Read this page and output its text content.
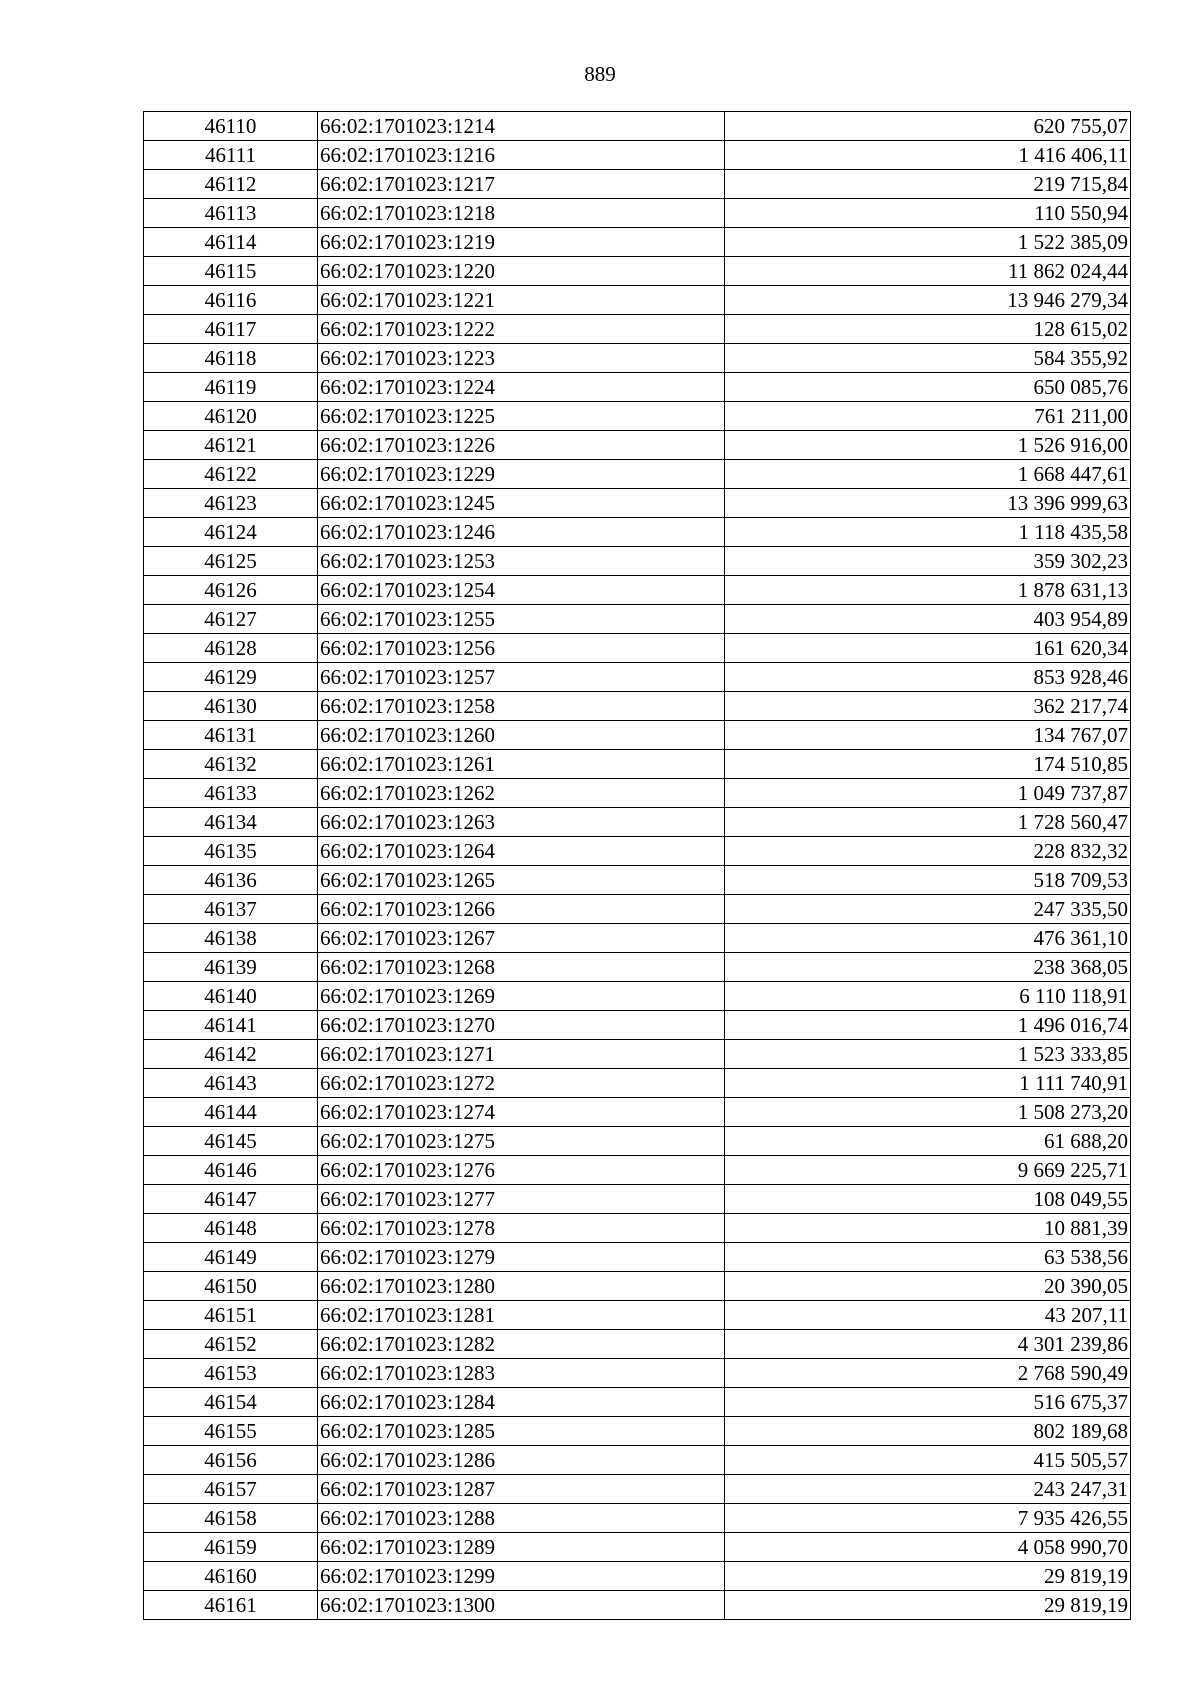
889
46110	66:02:1701023:1214	620 755,07
46111	66:02:1701023:1216	1 416 406,11
46112	66:02:1701023:1217	219 715,84
46113	66:02:1701023:1218	110 550,94
46114	66:02:1701023:1219	1 522 385,09
46115	66:02:1701023:1220	11 862 024,44
46116	66:02:1701023:1221	13 946 279,34
46117	66:02:1701023:1222	128 615,02
46118	66:02:1701023:1223	584 355,92
46119	66:02:1701023:1224	650 085,76
46120	66:02:1701023:1225	761 211,00
46121	66:02:1701023:1226	1 526 916,00
46122	66:02:1701023:1229	1 668 447,61
46123	66:02:1701023:1245	13 396 999,63
46124	66:02:1701023:1246	1 118 435,58
46125	66:02:1701023:1253	359 302,23
46126	66:02:1701023:1254	1 878 631,13
46127	66:02:1701023:1255	403 954,89
46128	66:02:1701023:1256	161 620,34
46129	66:02:1701023:1257	853 928,46
46130	66:02:1701023:1258	362 217,74
46131	66:02:1701023:1260	134 767,07
46132	66:02:1701023:1261	174 510,85
46133	66:02:1701023:1262	1 049 737,87
46134	66:02:1701023:1263	1 728 560,47
46135	66:02:1701023:1264	228 832,32
46136	66:02:1701023:1265	518 709,53
46137	66:02:1701023:1266	247 335,50
46138	66:02:1701023:1267	476 361,10
46139	66:02:1701023:1268	238 368,05
46140	66:02:1701023:1269	6 110 118,91
46141	66:02:1701023:1270	1 496 016,74
46142	66:02:1701023:1271	1 523 333,85
46143	66:02:1701023:1272	1 111 740,91
46144	66:02:1701023:1274	1 508 273,20
46145	66:02:1701023:1275	61 688,20
46146	66:02:1701023:1276	9 669 225,71
46147	66:02:1701023:1277	108 049,55
46148	66:02:1701023:1278	10 881,39
46149	66:02:1701023:1279	63 538,56
46150	66:02:1701023:1280	20 390,05
46151	66:02:1701023:1281	43 207,11
46152	66:02:1701023:1282	4 301 239,86
46153	66:02:1701023:1283	2 768 590,49
46154	66:02:1701023:1284	516 675,37
46155	66:02:1701023:1285	802 189,68
46156	66:02:1701023:1286	415 505,57
46157	66:02:1701023:1287	243 247,31
46158	66:02:1701023:1288	7 935 426,55
46159	66:02:1701023:1289	4 058 990,70
46160	66:02:1701023:1299	29 819,19
46161	66:02:1701023:1300	29 819,19
